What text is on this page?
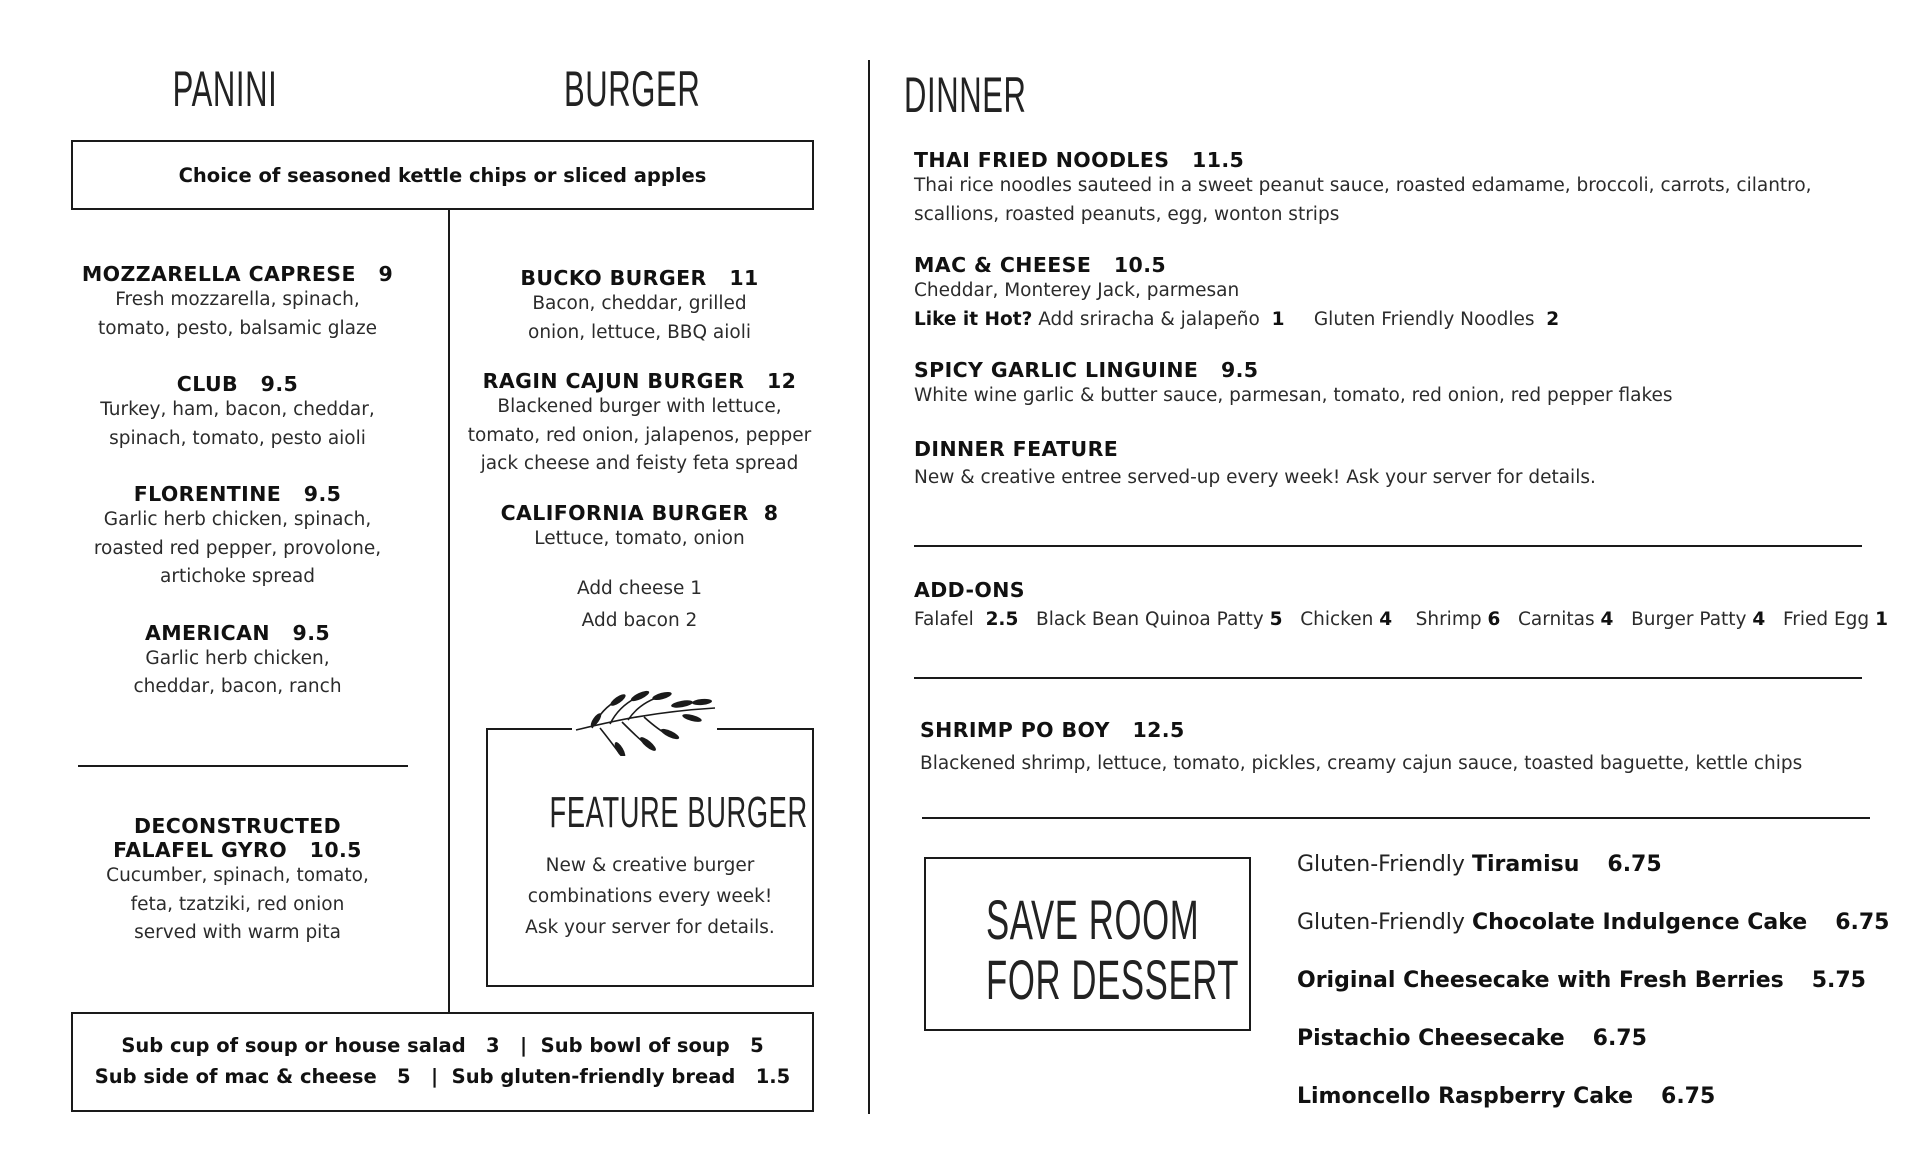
PANINI	BURGER	DINNER
Choice of seasoned kettle chips or sliced apples
MOZZARELLA CAPRESE 9
Fresh mozzarella, spinach,
tomato, pesto, balsamic glaze
CLUB 9.5
Turkey, ham, bacon, cheddar,
spinach, tomato, pesto aioli
FLORENTINE 9.5
Garlic herb chicken, spinach,
roasted red pepper, provolone,
artichoke spread
AMERICAN 9.5
Garlic herb chicken,
cheddar, bacon, ranch
DECONSTRUCTED
FALAFEL GYRO 10.5
Cucumber, spinach, tomato,
feta, tzatziki, red onion
served with warm pita
BUCKO BURGER 11
Bacon, cheddar, grilled
onion, lettuce, BBQ aioli
RAGIN CAJUN BURGER 12
Blackened burger with lettuce,
tomato, red onion, jalapenos, pepper
jack cheese and feisty feta spread
CALIFORNIA BURGER 8
Lettuce, tomato, onion
Add cheese 1
Add bacon 2
FEATURE BURGER
New & creative burger
combinations every week!
Ask your server for details.
Sub cup of soup or house salad   3   |  Sub bowl of soup   5
Sub side of mac & cheese   5   |  Sub gluten-friendly bread   1.5
THAI FRIED NOODLES 11.5
Thai rice noodles sauteed in a sweet peanut sauce, roasted edamame, broccoli, carrots, cilantro,
scallions, roasted peanuts, egg, wonton strips
MAC & CHEESE 10.5
Cheddar, Monterey Jack, parmesan
Like it Hot? Add sriracha & jalapeño 1 Gluten Friendly Noodles 2
SPICY GARLIC LINGUINE 9.5
White wine garlic & butter sauce, parmesan, tomato, red onion, red pepper flakes
DINNER FEATURE
New & creative entree served-up every week! Ask your server for details.
ADD-ONS
Falafel 2.5 Black Bean Quinoa Patty 5 Chicken 4 Shrimp 6 Carnitas 4 Burger Patty 4 Fried Egg 1
SHRIMP PO BOY 12.5
Blackened shrimp, lettuce, tomato, pickles, creamy cajun sauce, toasted baguette, kettle chips
SAVE ROOM
FOR DESSERT
Gluten-Friendly Tiramisu 6.75
Gluten-Friendly Chocolate Indulgence Cake 6.75
Original Cheesecake with Fresh Berries 5.75
Pistachio Cheesecake 6.75
Limoncello Raspberry Cake 6.75
